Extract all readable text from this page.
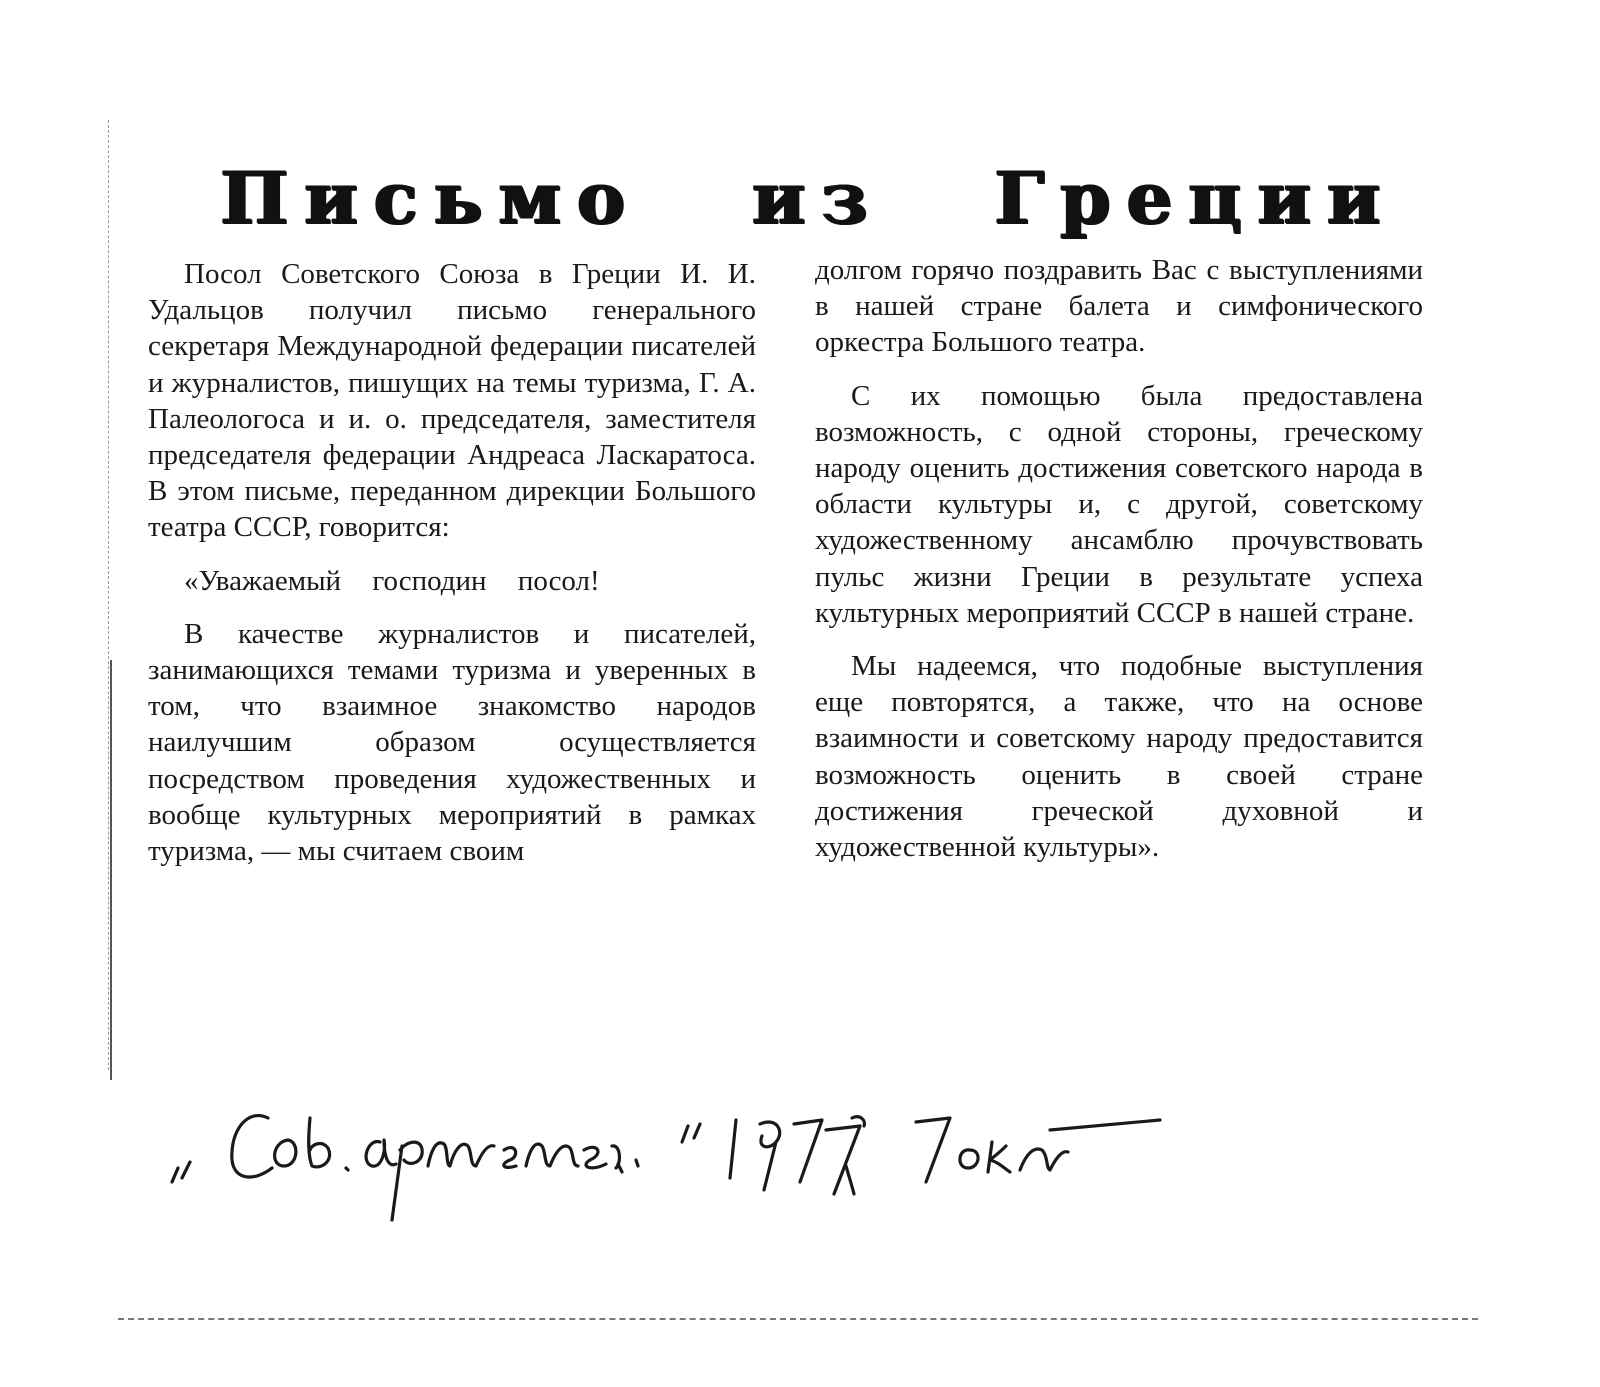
Письмо из Греции

Посол Советского Союза в Греции И. И. Удальцов получил письмо генерального секретаря Международной федерации писателей и журналистов, пишущих на темы туризма, Г. А. Палеологоса и и. о. председателя, заместителя председателя федерации Андреаса Ласкаратоса. В этом письме, переданном дирекции Большого театра СССР, говорится:

«Уважаемый господин посол!

В качестве журналистов и писателей, занимающихся темами туризма и уверенных в том, что взаимное знакомство народов наилучшим образом осуществляется посредством проведения художественных и вообще культурных мероприятий в рамках туризма, — мы считаем своим

долгом горячо поздравить Вас с выступлениями в нашей стране балета и симфонического оркестра Большого театра.

С их помощью была предоставлена возможность, с одной стороны, греческому народу оценить достижения советского народа в области культуры и, с другой, советскому художественному ансамблю прочувствовать пульс жизни Греции в результате успеха культурных мероприятий СССР в нашей стране.

Мы надеемся, что подобные выступления еще повторятся, а также, что на основе взаимности и советскому народу предоставится возможность оценить в своей стране достижения греческой духовной и художественной культуры».
